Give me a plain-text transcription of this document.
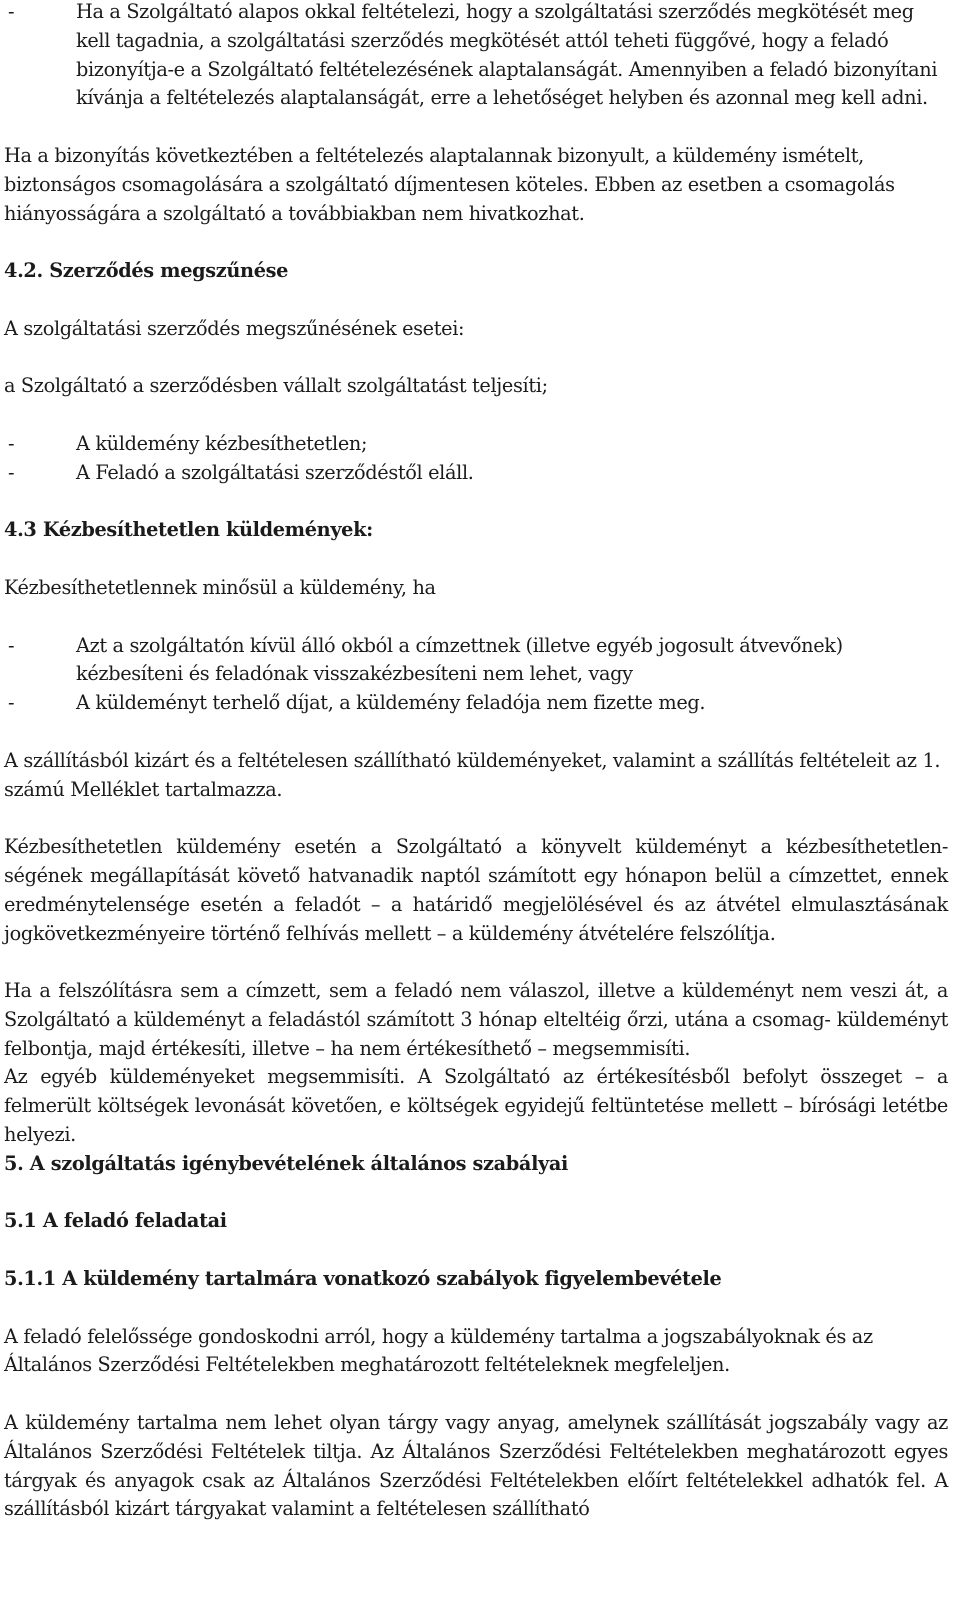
-	Ha a Szolgáltató alapos okkal feltételezi, hogy a szolgáltatási szerződés megkötését meg kell tagadnia, a szolgáltatási szerződés megkötését attól teheti függővé, hogy a feladó bizonyítja-e a Szolgáltató feltételezésének alaptalanságát. Amennyiben a feladó bizonyítani kívánja a feltételezés alaptalanságát, erre a lehetőséget helyben és azonnal meg kell adni.

Ha a bizonyítás következtében a feltételezés alaptalannak bizonyult, a küldemény ismételt, biztonságos csomagolására a szolgáltató díjmentesen köteles. Ebben az esetben a csomagolás hiányosságára a szolgáltató a továbbiakban nem hivatkozhat.

4.2. Szerződés megszűnése

A szolgáltatási szerződés megszűnésének esetei:

a Szolgáltató a szerződésben vállalt szolgáltatást teljesíti;

-	A küldemény kézbesíthetetlen;

-	A Feladó a szolgáltatási szerződéstől eláll.

4.3 Kézbesíthetetlen küldemények:

Kézbesíthetetlennek minősül a küldemény, ha

-	Azt a szolgáltatón kívül álló okból a címzettnek (illetve egyéb jogosult átvevőnek)

kézbesíteni és feladónak visszakézbesíteni nem lehet, vagy

-	A küldeményt terhelő díjat, a küldemény feladója nem fizette meg.

A szállításból kizárt és a feltételesen szállítható küldeményeket, valamint a szállítás feltételeit az 1. számú Melléklet tartalmazza.

Kézbesíthetetlen küldemény esetén a Szolgáltató a könyvelt küldeményt a kézbesíthetetlen- ségének megállapítását követő hatvanadik naptól számított egy hónapon belül a címzettet, ennek eredménytelensége esetén a feladót – a határidő megjelölésével és az átvétel elmulasztásának jogkövetkezményeire történő felhívás mellett – a küldemény átvételére felszólítja.

Ha a felszólításra sem a címzett, sem a feladó nem válaszol, illetve a küldeményt nem veszi át, a Szolgáltató a küldeményt a feladástól számított 3 hónap elteltéig őrzi, utána a csomag- küldeményt felbontja, majd értékesíti, illetve – ha nem értékesíthető – megsemmisíti.

Az egyéb küldeményeket megsemmisíti. A Szolgáltató az értékesítésből befolyt összeget – a felmerült költségek levonását követően, e költségek egyidejű feltüntetése mellett – bírósági letétbe helyezi.

5. A szolgáltatás igénybevételének általános szabályai

5.1 A feladó feladatai

5.1.1 A küldemény tartalmára vonatkozó szabályok figyelembevétele

A feladó felelőssége gondoskodni arról, hogy a küldemény tartalma a jogszabályoknak és az Általános Szerződési Feltételekben meghatározott feltételeknek megfeleljen.

A küldemény tartalma nem lehet olyan tárgy vagy anyag, amelynek szállítását jogszabály vagy az Általános Szerződési Feltételek tiltja. Az Általános Szerződési Feltételekben meghatározott egyes tárgyak és anyagok csak az Általános Szerződési Feltételekben előírt feltételekkel adhatók fel. A szállításból kizárt tárgyakat valamint a feltételesen szállítható
